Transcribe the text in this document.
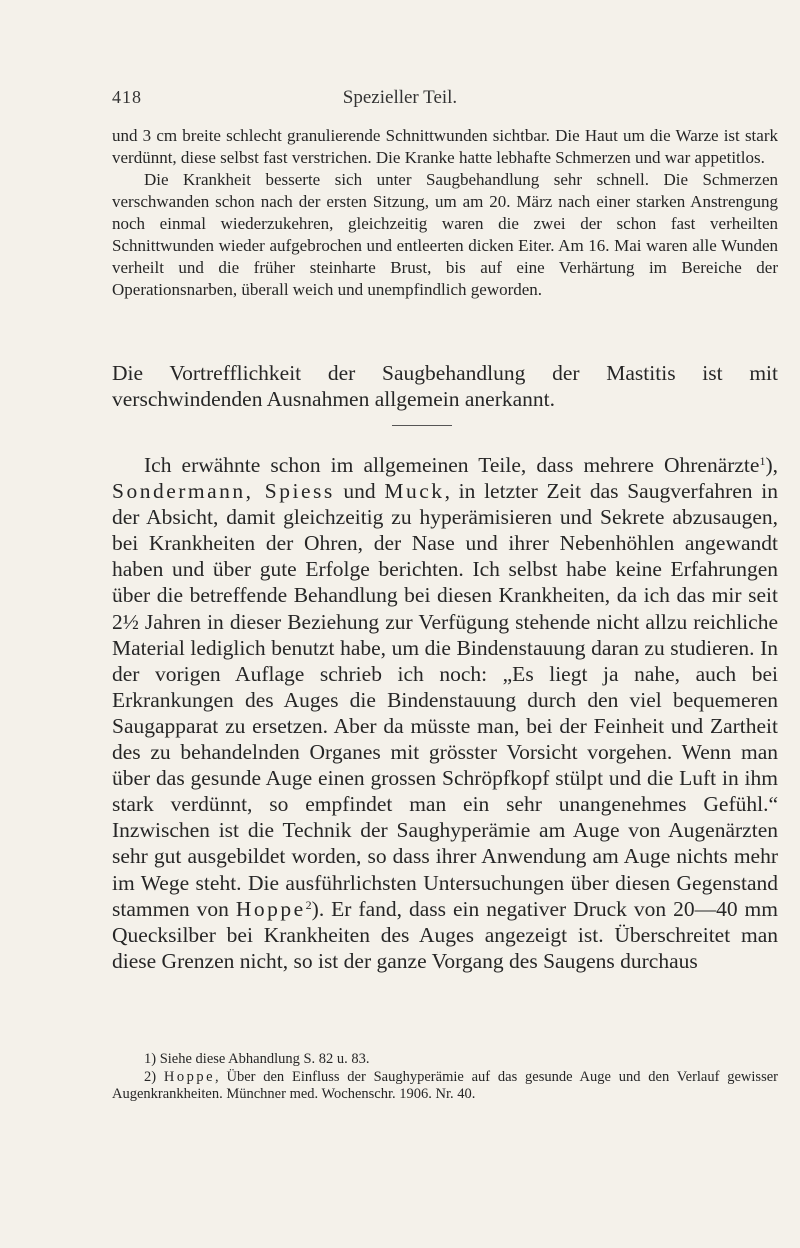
418	Spezieller Teil.

und 3 cm breite schlecht granulierende Schnittwunden sichtbar. Die Haut um die Warze ist stark verdünnt, diese selbst fast verstrichen. Die Kranke hatte lebhafte Schmerzen und war appetitlos.

Die Krankheit besserte sich unter Saugbehandlung sehr schnell. Die Schmerzen verschwanden schon nach der ersten Sitzung, um am 20. März nach einer starken Anstrengung noch einmal wiederzukehren, gleichzeitig waren die zwei der schon fast verheilten Schnittwunden wieder aufgebrochen und entleerten dicken Eiter. Am 16. Mai waren alle Wunden verheilt und die früher steinharte Brust, bis auf eine Verhärtung im Bereiche der Operationsnarben, überall weich und unempfindlich geworden.

Die Vortrefflichkeit der Saugbehandlung der Mastitis ist mit verschwindenden Ausnahmen allgemein anerkannt.

Ich erwähnte schon im allgemeinen Teile, dass mehrere Ohrenärzte$^1$), Sondermann, Spiess und Muck, in letzter Zeit das Saugverfahren in der Absicht, damit gleichzeitig zu hyperämisieren und Sekrete abzusaugen, bei Krankheiten der Ohren, der Nase und ihrer Nebenhöhlen angewandt haben und über gute Erfolge berichten. Ich selbst habe keine Erfahrungen über die betreffende Behandlung bei diesen Krankheiten, da ich das mir seit 2½ Jahren in dieser Beziehung zur Verfügung stehende nicht allzu reichliche Material lediglich benutzt habe, um die Bindenstauung daran zu studieren. In der vorigen Auflage schrieb ich noch: „Es liegt ja nahe, auch bei Erkrankungen des Auges die Bindenstauung durch den viel bequemeren Saugapparat zu ersetzen. Aber da müsste man, bei der Feinheit und Zartheit des zu behandelnden Organes mit grösster Vorsicht vorgehen. Wenn man über das gesunde Auge einen grossen Schröpfkopf stülpt und die Luft in ihm stark verdünnt, so empfindet man ein sehr unangenehmes Gefühl.“ Inzwischen ist die Technik der Saughyperämie am Auge von Augenärzten sehr gut ausgebildet worden, so dass ihrer Anwendung am Auge nichts mehr im Wege steht. Die ausführlichsten Untersuchungen über diesen Gegenstand stammen von Hoppe$^2$). Er fand, dass ein negativer Druck von 20—40 mm Quecksilber bei Krankheiten des Auges angezeigt ist. Überschreitet man diese Grenzen nicht, so ist der ganze Vorgang des Saugens durchaus

1) Siehe diese Abhandlung S. 82 u. 83.

2) Hoppe, Über den Einfluss der Saughyperämie auf das gesunde Auge und den Verlauf gewisser Augenkrankheiten. Münchner med. Wochenschr. 1906. Nr. 40.
